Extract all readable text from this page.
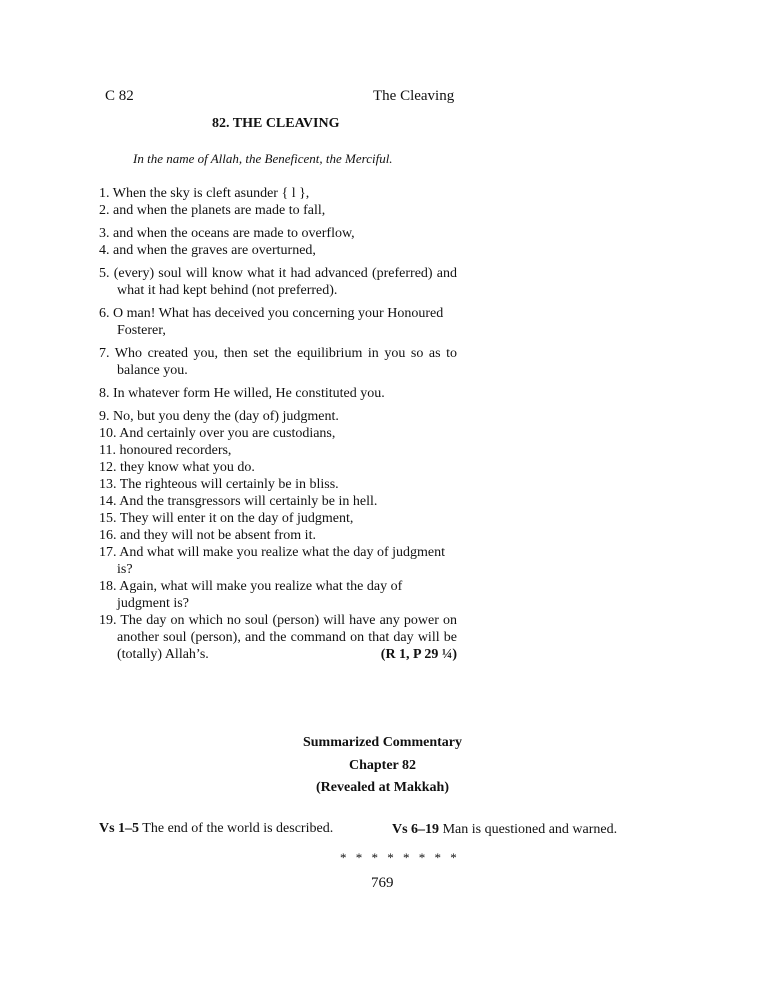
C 82	The Cleaving
82. THE CLEAVING
In the name of Allah, the Beneficent, the Merciful.
1. When the sky is cleft asunder { l },
2. and when the planets are made to fall,
3. and when the oceans are made to overflow,
4. and when the graves are overturned,
5. (every) soul will know what it had advanced (preferred) and what it had kept behind (not preferred).
6. O man! What has deceived you concerning your Honoured Fosterer,
7. Who created you, then set the equilibrium in you so as to balance you.
8. In whatever form He willed, He constituted you.
9. No, but you deny the (day of) judgment.
10. And certainly over you are custodians,
11. honoured recorders,
12. they know what you do.
13. The righteous will certainly be in bliss.
14. And the transgressors will certainly be in hell.
15. They will enter it on the day of judgment,
16. and they will not be absent from it.
17. And what will make you realize what the day of judgment is?
18. Again, what will make you realize what the day of judgment is?
19. The day on which no soul (person) will have any power on another soul (person), and the command on that day will be (totally) Allah’s.	(R 1, P 29 ¼)
Summarized Commentary
Chapter 82
(Revealed at Makkah)
Vs 1–5 The end of the world is described.	Vs 6–19 Man is questioned and warned.
* * * * * * * *
769
